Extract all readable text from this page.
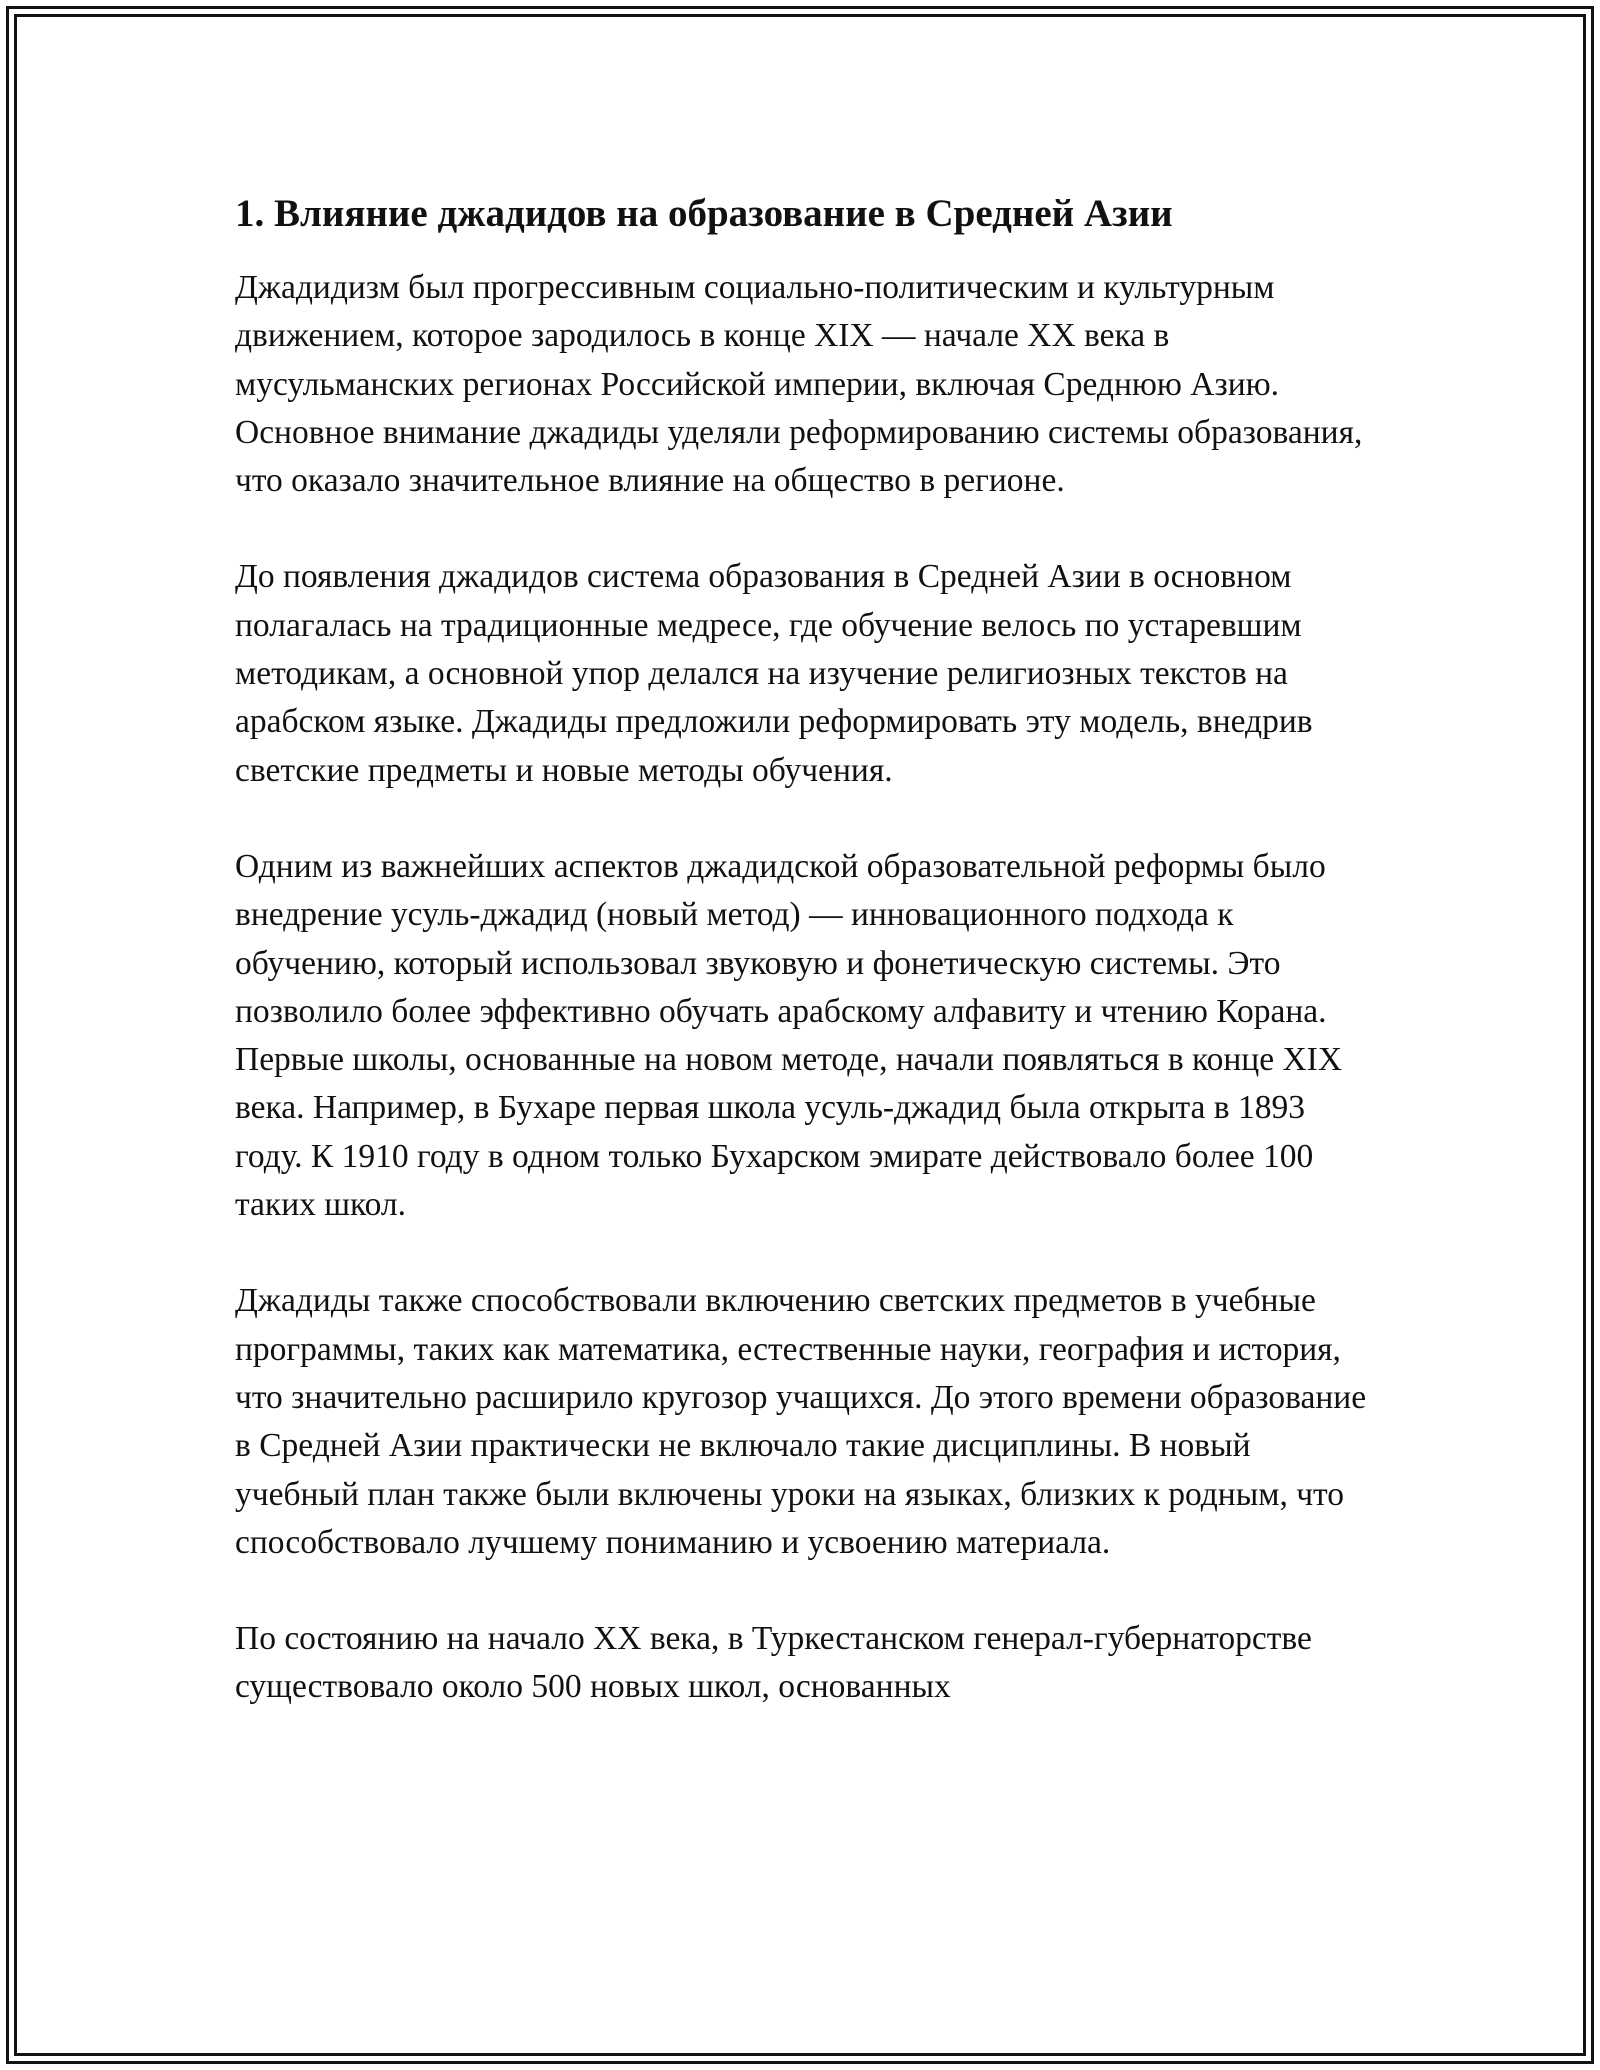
1. Влияние джадидов на образование в Средней Азии

Джадидизм был прогрессивным социально-политическим и культурным движением, которое зародилось в конце XIX — начале XX века в мусульманских регионах Российской империи, включая Среднюю Азию. Основное внимание джадиды уделяли реформированию системы образования, что оказало значительное влияние на общество в регионе.

До появления джадидов система образования в Средней Азии в основном полагалась на традиционные медресе, где обучение велось по устаревшим методикам, а основной упор делался на изучение религиозных текстов на арабском языке. Джадиды предложили реформировать эту модель, внедрив светские предметы и новые методы обучения.

Одним из важнейших аспектов джадидской образовательной реформы было внедрение усуль-джадид (новый метод) — инновационного подхода к обучению, который использовал звуковую и фонетическую системы. Это позволило более эффективно обучать арабскому алфавиту и чтению Корана. Первые школы, основанные на новом методе, начали появляться в конце XIX века. Например, в Бухаре первая школа усуль-джадид была открыта в 1893 году. К 1910 году в одном только Бухарском эмирате действовало более 100 таких школ.

Джадиды также способствовали включению светских предметов в учебные программы, таких как математика, естественные науки, география и история, что значительно расширило кругозор учащихся. До этого времени образование в Средней Азии практически не включало такие дисциплины. В новый учебный план также были включены уроки на языках, близких к родным, что способствовало лучшему пониманию и усвоению материала.

По состоянию на начало XX века, в Туркестанском генерал-губернаторстве существовало около 500 новых школ, основанных
